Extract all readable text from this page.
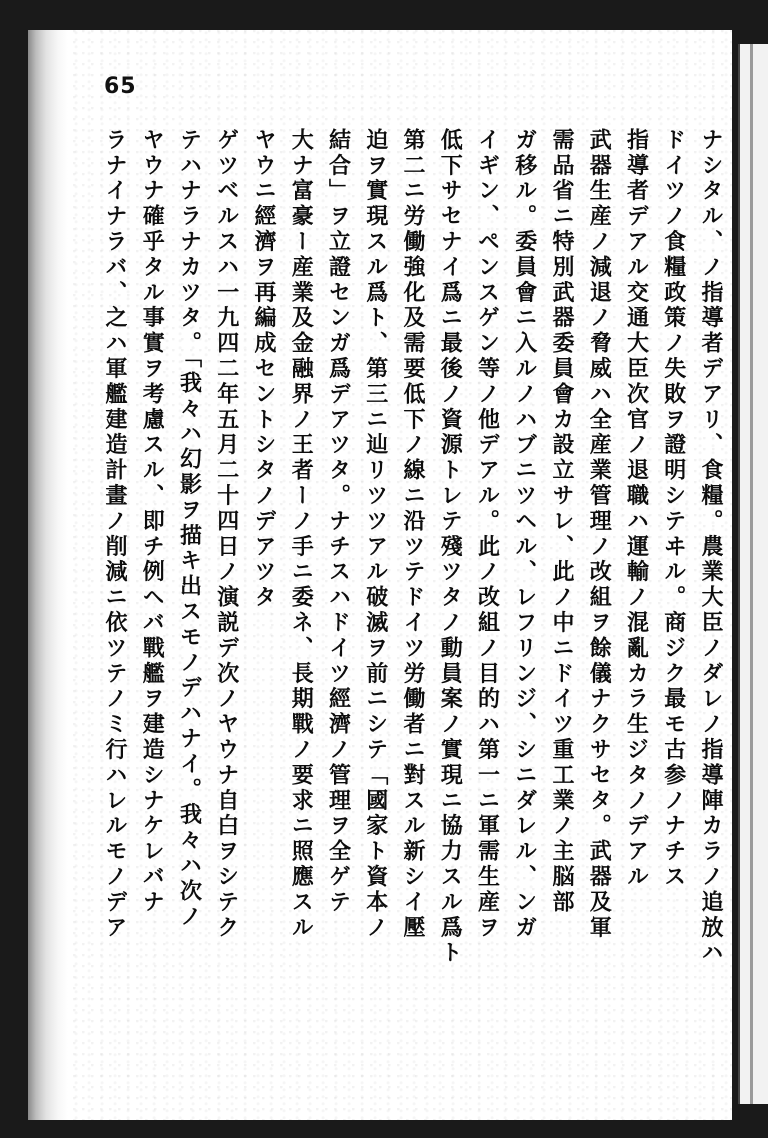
65
ナシタル、ノ指導者デアリ、食糧。農業大臣ノダレノ指導陣カラノ追放ハ
ドイツノ食糧政策ノ失敗ヲ證明シテヰル。商ジク最モ古参ノナチス
指導者デアル交通大臣次官ノ退職ハ運輸ノ混亂カラ生ジタノデアル
武器生産ノ減退ノ脅威ハ全産業管理ノ改組ヲ餘儀ナクサセタ。武器及軍
需品省ニ特別武器委員會カ設立サレ、此ノ中ニドイツ重工業ノ主脳部
ガ移ル。委員會ニ入ルノハブニツヘル、レフリンジ、シニダレル、ンガ
イギン、ペンスゲン等ノ他デアル。此ノ改組ノ目的ハ第一ニ軍需生産ヲ
低下サセナイ爲ニ最後ノ資源トレテ殘ツタノ動員案ノ實現ニ協力スル爲ト
第二ニ労働強化及需要低下ノ線ニ沿ツテドイツ労働者ニ對スル新シイ壓
迫ヲ實現スル爲ト、第三ニ辿リツツアル破滅ヲ前ニシテ「國家ト資本ノ
結合」ヲ立證センガ爲デアツタ。ナチスハドイツ經濟ノ管理ヲ全ゲテ
大ナ富豪ー産業及金融界ノ王者ーノ手ニ委ネ、長期戰ノ要求ニ照應スル
ヤウニ經濟ヲ再編成セントシタノデアツタ
ゲツベルスハ一九四二年五月二十四日ノ演説デ次ノヤウナ自白ヲシテク
テハナラナカツタ。「我々ハ幻影ヲ描キ出スモノデハナイ。我々ハ次ノ
ヤウナ確乎タル事實ヲ考慮スル、即チ例ヘバ戰艦ヲ建造シナケレバナ
ラナイナラバ、之ハ軍艦建造計畫ノ削減ニ依ツテノミ行ハレルモノデア
